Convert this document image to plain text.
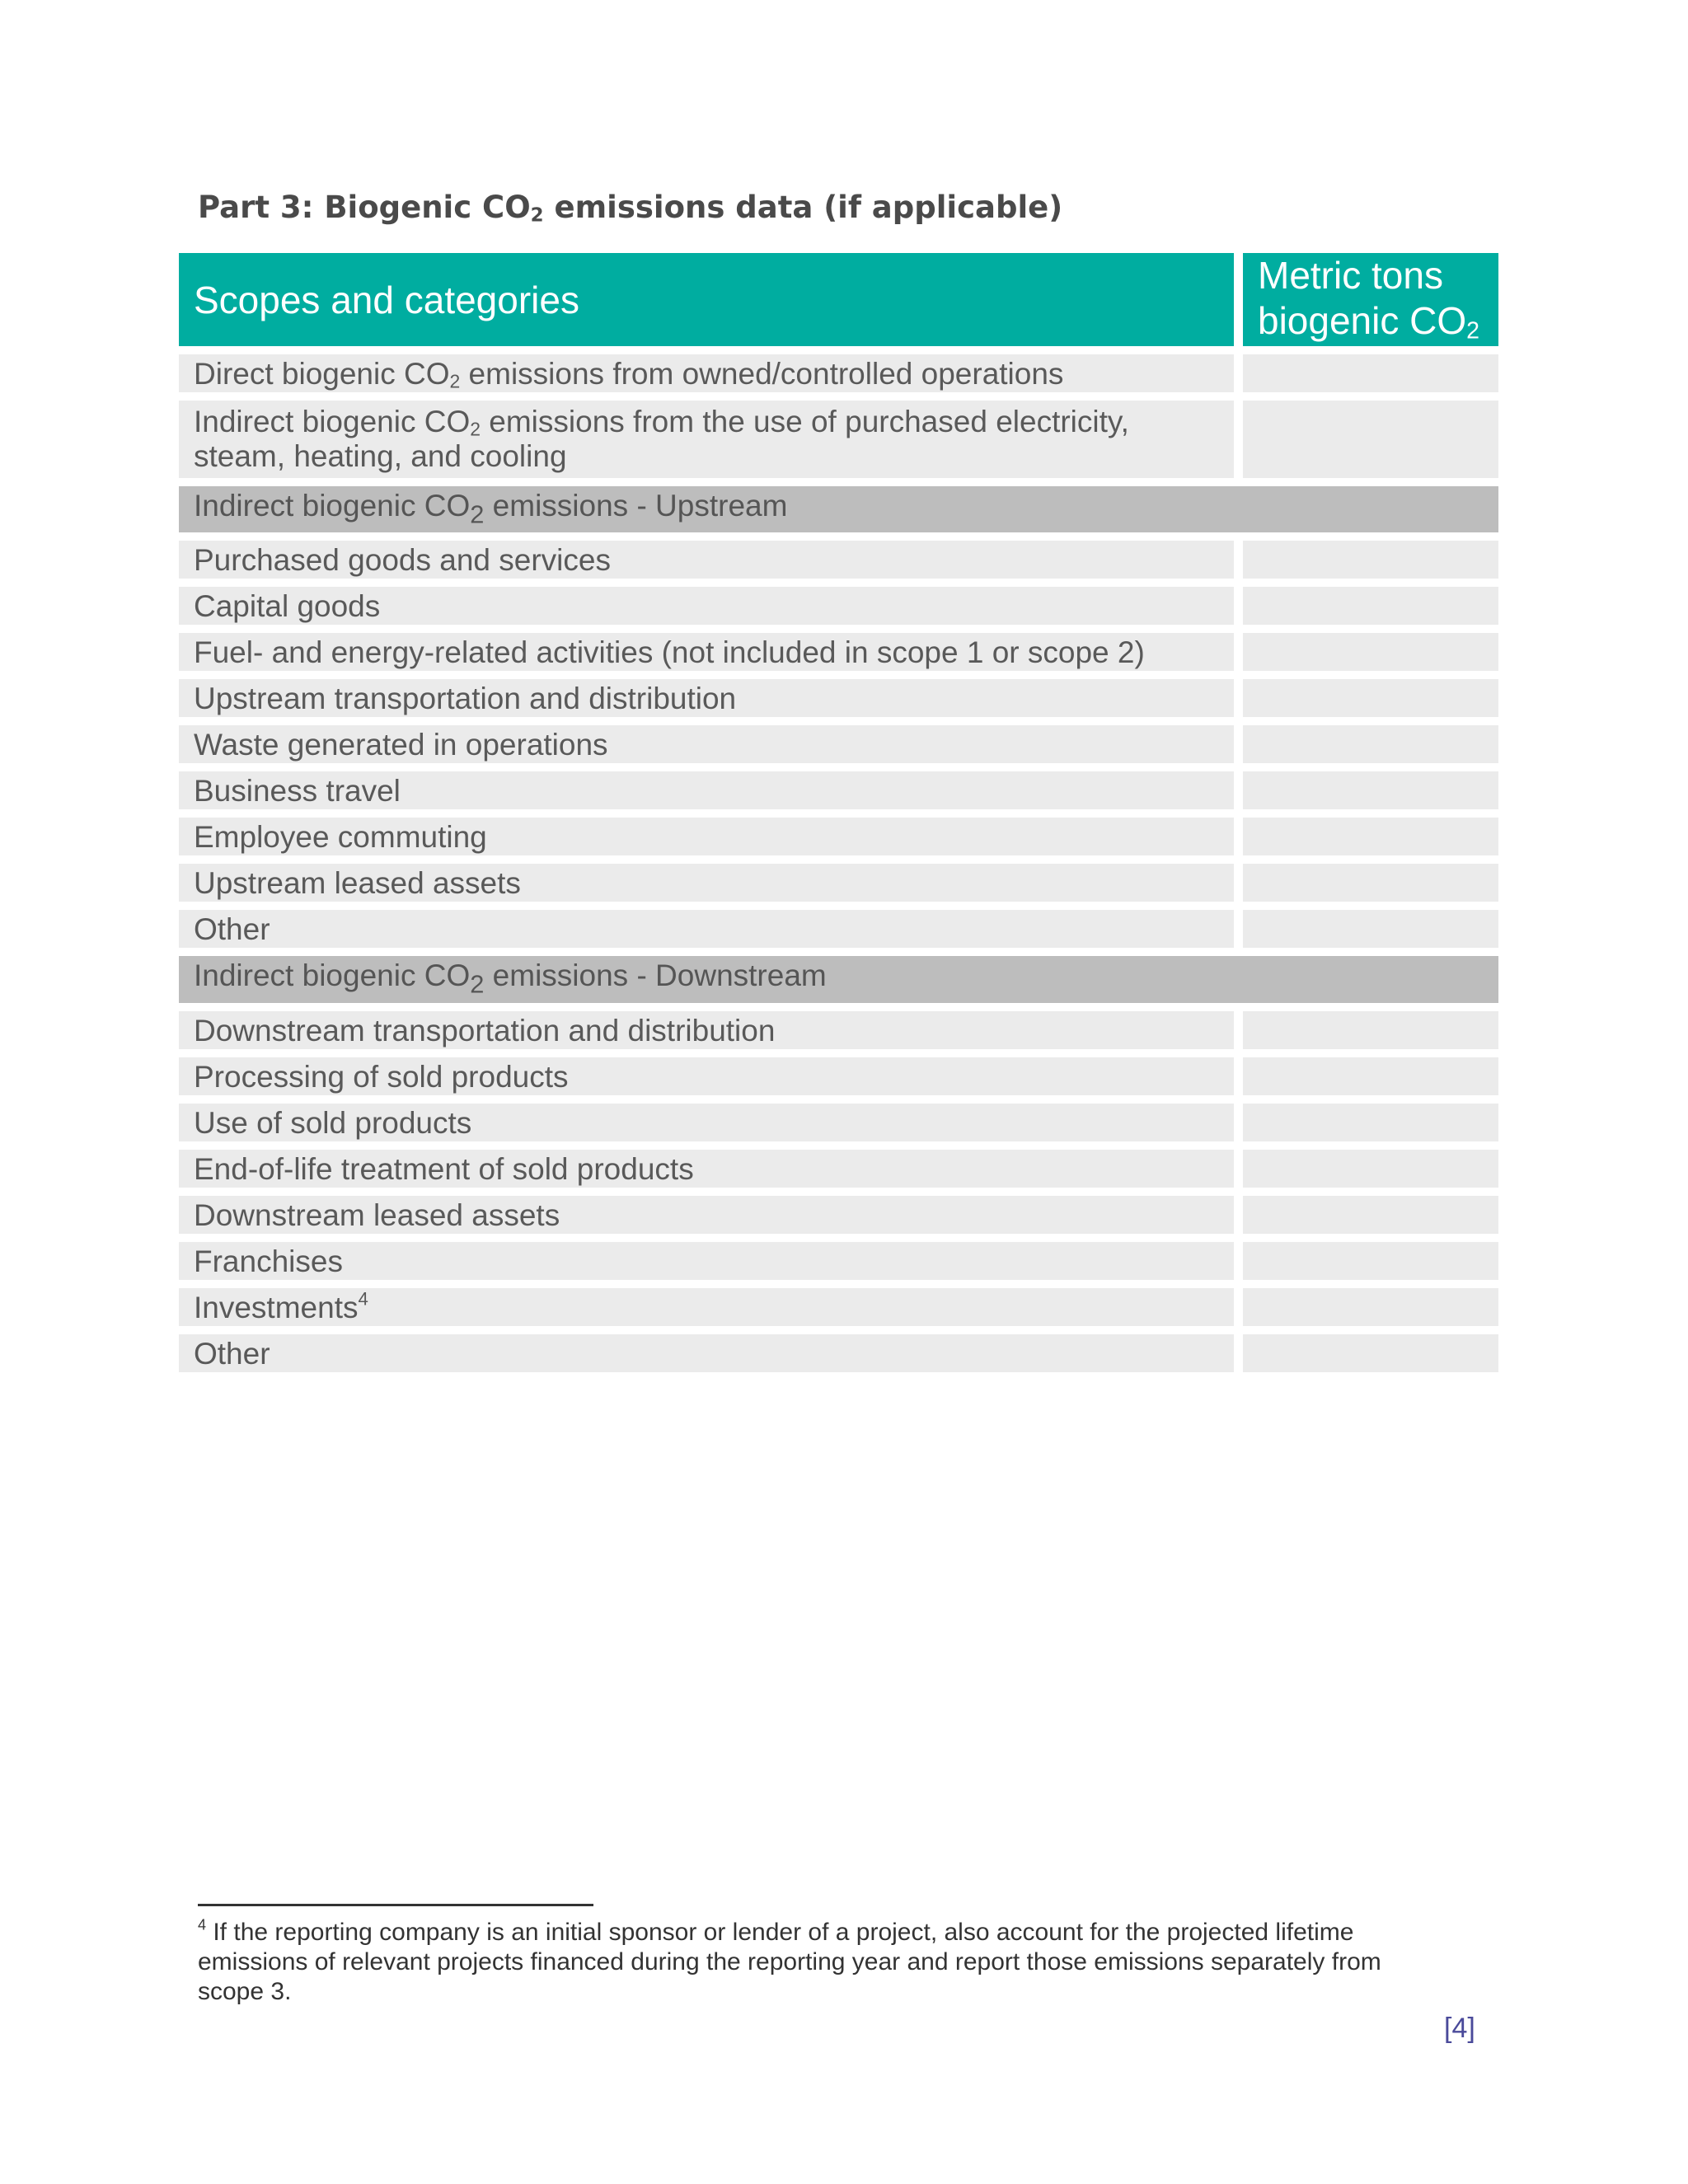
Part 3: Biogenic $CO_2$ emissions data (if applicable)
Scopes and categories
Metric tons
biogenic $CO_2$
Direct biogenic $CO_2$ emissions from owned/controlled operations
Indirect biogenic $CO_2$ emissions from the use of purchased electricity,
steam, heating, and cooling
Indirect biogenic $CO_2$ emissions - Upstream
Purchased goods and services
Capital goods
Fuel- and energy-related activities (not included in scope 1 or scope 2)
Upstream transportation and distribution
Waste generated in operations
Business travel
Employee commuting
Upstream leased assets
Other
Indirect biogenic $CO_2$ emissions - Downstream
Downstream transportation and distribution
Processing of sold products
Use of sold products
End-of-life treatment of sold products
Downstream leased assets
Franchises
Investments$^4$
Other
$^4$ If the reporting company is an initial sponsor or lender of a project, also account for the projected lifetime emissions of relevant projects financed during the reporting year and report those emissions separately from scope 3.
[4]
